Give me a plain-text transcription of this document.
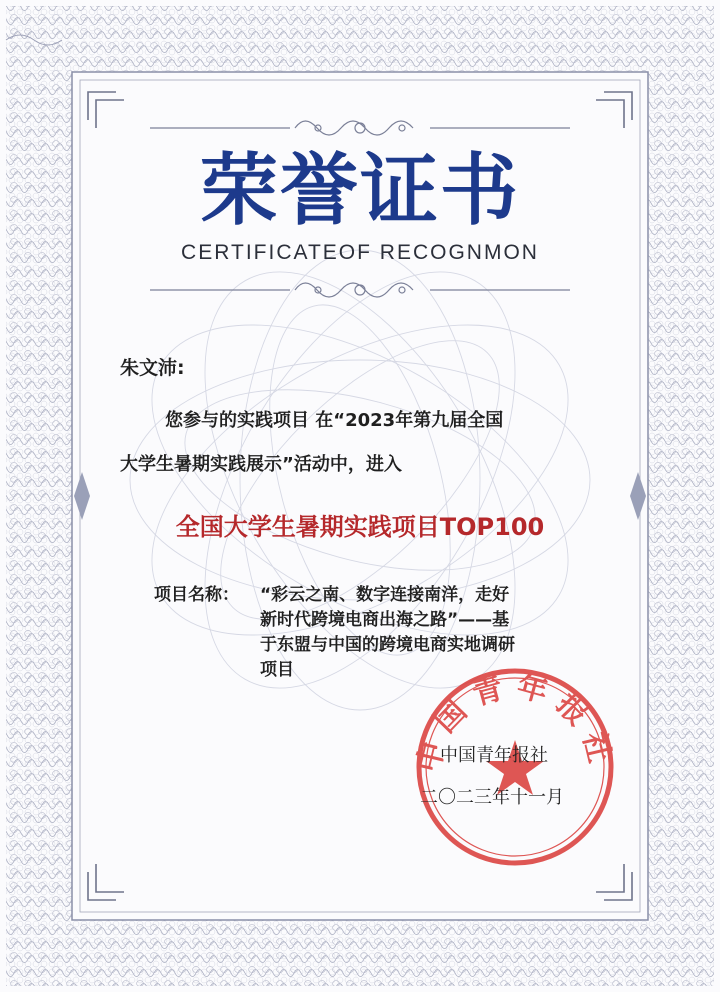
荣誉证书
CERTIFICATEOF RECOGNMON
朱文沛:
您参与的实践项目 在“2023年第九届全国
大学生暑期实践展示”活动中，进入
全国大学生暑期实践项目TOP100
项目名称： “彩云之南、数字连接南洋，走好
新时代跨境电商出海之路”——基
于东盟与中国的跨境电商实地调研
项目
中国青年报社
中国青年报社
二〇二三年十一月
